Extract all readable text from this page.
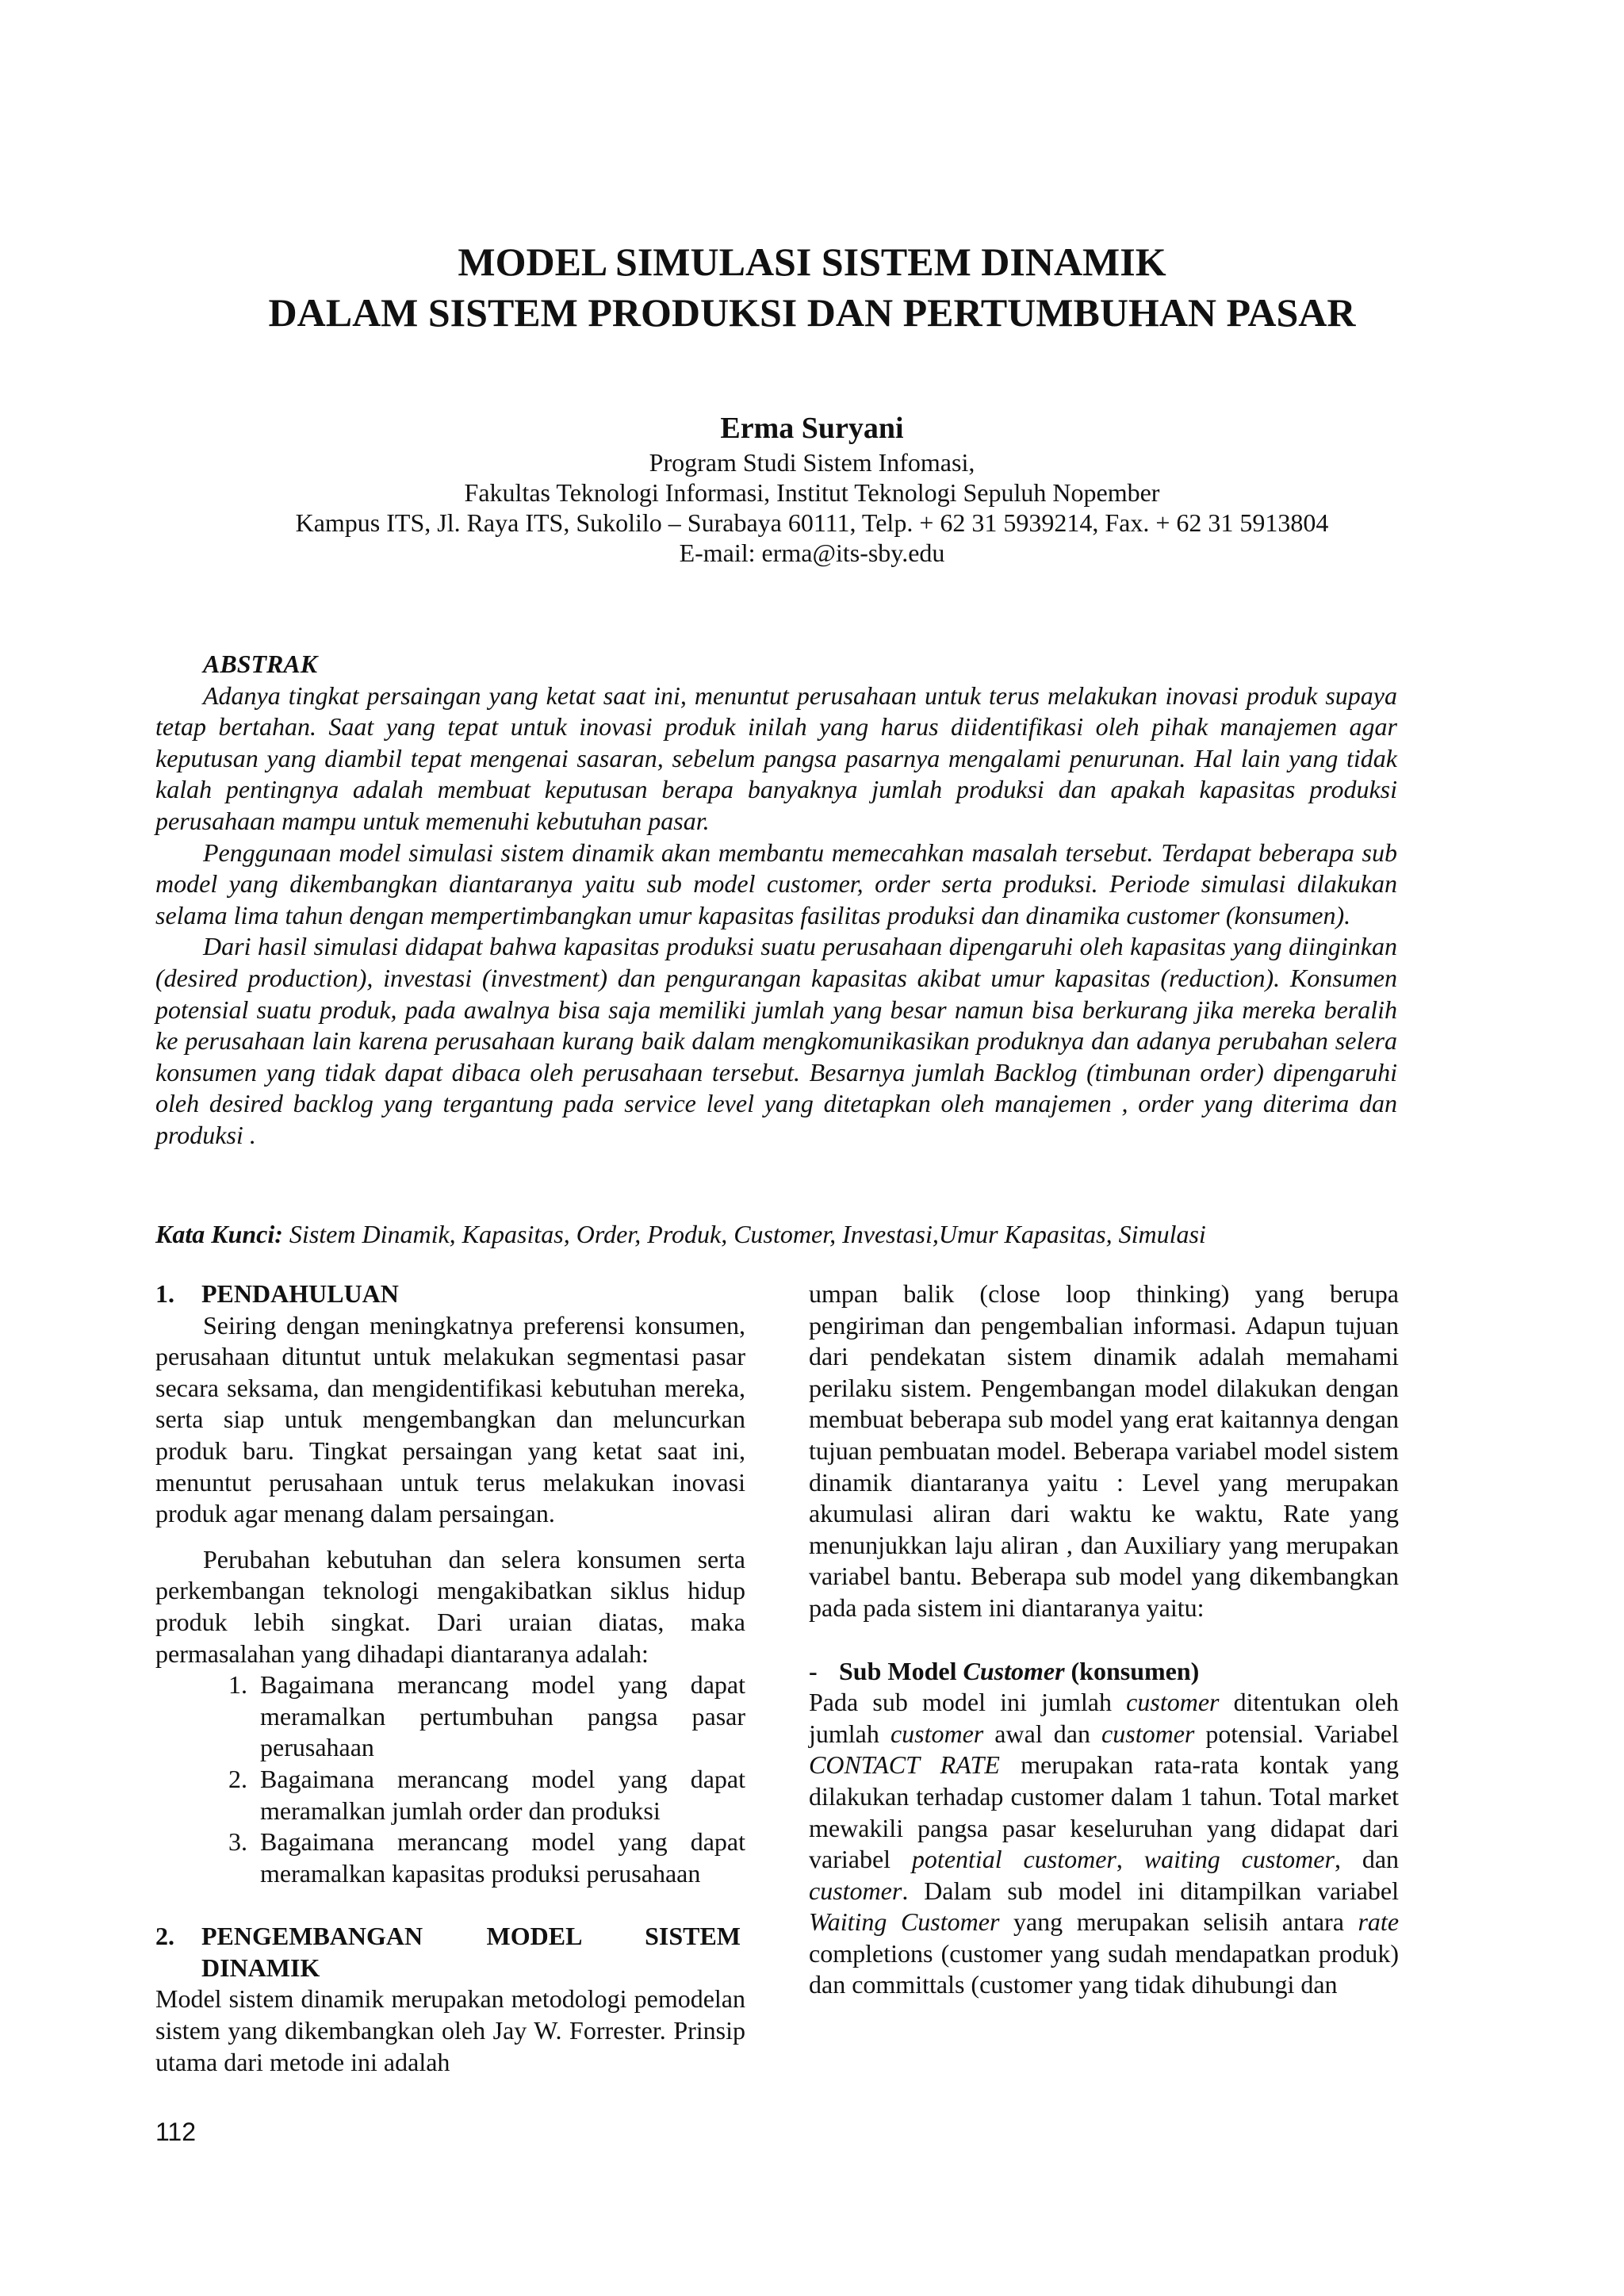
MODEL SIMULASI SISTEM DINAMIK
DALAM SISTEM PRODUKSI DAN PERTUMBUHAN PASAR

Erma Suryani

Program Studi Sistem Infomasi,

Fakultas Teknologi Informasi, Institut Teknologi Sepuluh Nopember

Kampus ITS, Jl. Raya ITS, Sukolilo – Surabaya 60111, Telp. + 62 31 5939214, Fax. + 62 31 5913804

E-mail: erma@its-sby.edu

ABSTRAK

Adanya tingkat persaingan yang ketat saat ini, menuntut perusahaan untuk terus melakukan inovasi produk supaya tetap bertahan. Saat yang tepat untuk inovasi produk inilah yang harus diidentifikasi oleh pihak manajemen agar keputusan yang diambil tepat mengenai sasaran, sebelum pangsa pasarnya mengalami penurunan. Hal lain yang tidak kalah pentingnya adalah membuat keputusan berapa banyaknya jumlah produksi dan apakah kapasitas produksi perusahaan mampu untuk memenuhi kebutuhan pasar.

Penggunaan model simulasi sistem dinamik akan membantu memecahkan masalah tersebut. Terdapat beberapa sub model yang dikembangkan diantaranya yaitu sub model customer, order serta produksi. Periode simulasi dilakukan selama lima tahun dengan mempertimbangkan umur kapasitas fasilitas produksi dan dinamika customer (konsumen).

Dari hasil simulasi didapat bahwa kapasitas produksi suatu perusahaan dipengaruhi oleh kapasitas yang diinginkan (desired production), investasi (investment) dan pengurangan kapasitas akibat umur kapasitas (reduction). Konsumen potensial suatu produk, pada awalnya bisa saja memiliki jumlah yang besar namun bisa berkurang jika mereka beralih ke perusahaan lain karena perusahaan kurang baik dalam mengkomunikasikan produknya dan adanya perubahan selera konsumen yang tidak dapat dibaca oleh perusahaan tersebut. Besarnya jumlah Backlog (timbunan order) dipengaruhi oleh desired backlog yang tergantung pada service level yang ditetapkan oleh manajemen , order yang diterima dan produksi .

Kata Kunci: Sistem Dinamik, Kapasitas, Order, Produk, Customer, Investasi,Umur Kapasitas, Simulasi

1. PENDAHULUAN

Seiring dengan meningkatnya preferensi konsumen, perusahaan dituntut untuk melakukan segmentasi pasar secara seksama, dan mengidentifikasi kebutuhan mereka, serta siap untuk mengembangkan dan meluncurkan produk baru. Tingkat persaingan yang ketat saat ini, menuntut perusahaan untuk terus melakukan inovasi produk agar menang dalam persaingan.

Perubahan kebutuhan dan selera konsumen serta perkembangan teknologi mengakibatkan siklus hidup produk lebih singkat. Dari uraian diatas, maka permasalahan yang dihadapi diantaranya adalah:

1. Bagaimana merancang model yang dapat meramalkan pertumbuhan pangsa pasar perusahaan
2. Bagaimana merancang model yang dapat meramalkan jumlah order dan produksi
3. Bagaimana merancang model yang dapat meramalkan kapasitas produksi perusahaan

2. PENGEMBANGAN MODEL SISTEM
DINAMIK

Model sistem dinamik merupakan metodologi pemodelan sistem yang dikembangkan oleh Jay W. Forrester. Prinsip utama dari metode ini adalah

umpan balik (close loop thinking) yang berupa pengiriman dan pengembalian informasi. Adapun tujuan dari pendekatan sistem dinamik adalah memahami perilaku sistem. Pengembangan model dilakukan dengan membuat beberapa sub model yang erat kaitannya dengan tujuan pembuatan model. Beberapa variabel model sistem dinamik diantaranya yaitu : Level yang merupakan akumulasi aliran dari waktu ke waktu, Rate yang menunjukkan laju aliran , dan Auxiliary yang merupakan variabel bantu. Beberapa sub model yang dikembangkan pada pada sistem ini diantaranya yaitu:

- Sub Model Customer (konsumen)

Pada sub model ini jumlah customer ditentukan oleh jumlah customer awal dan customer potensial. Variabel CONTACT RATE merupakan rata-rata kontak yang dilakukan terhadap customer dalam 1 tahun. Total market mewakili pangsa pasar keseluruhan yang didapat dari variabel potential customer, waiting customer, dan customer. Dalam sub model ini ditampilkan variabel Waiting Customer yang merupakan selisih antara rate completions (customer yang sudah mendapatkan produk) dan committals (customer yang tidak dihubungi dan

112
